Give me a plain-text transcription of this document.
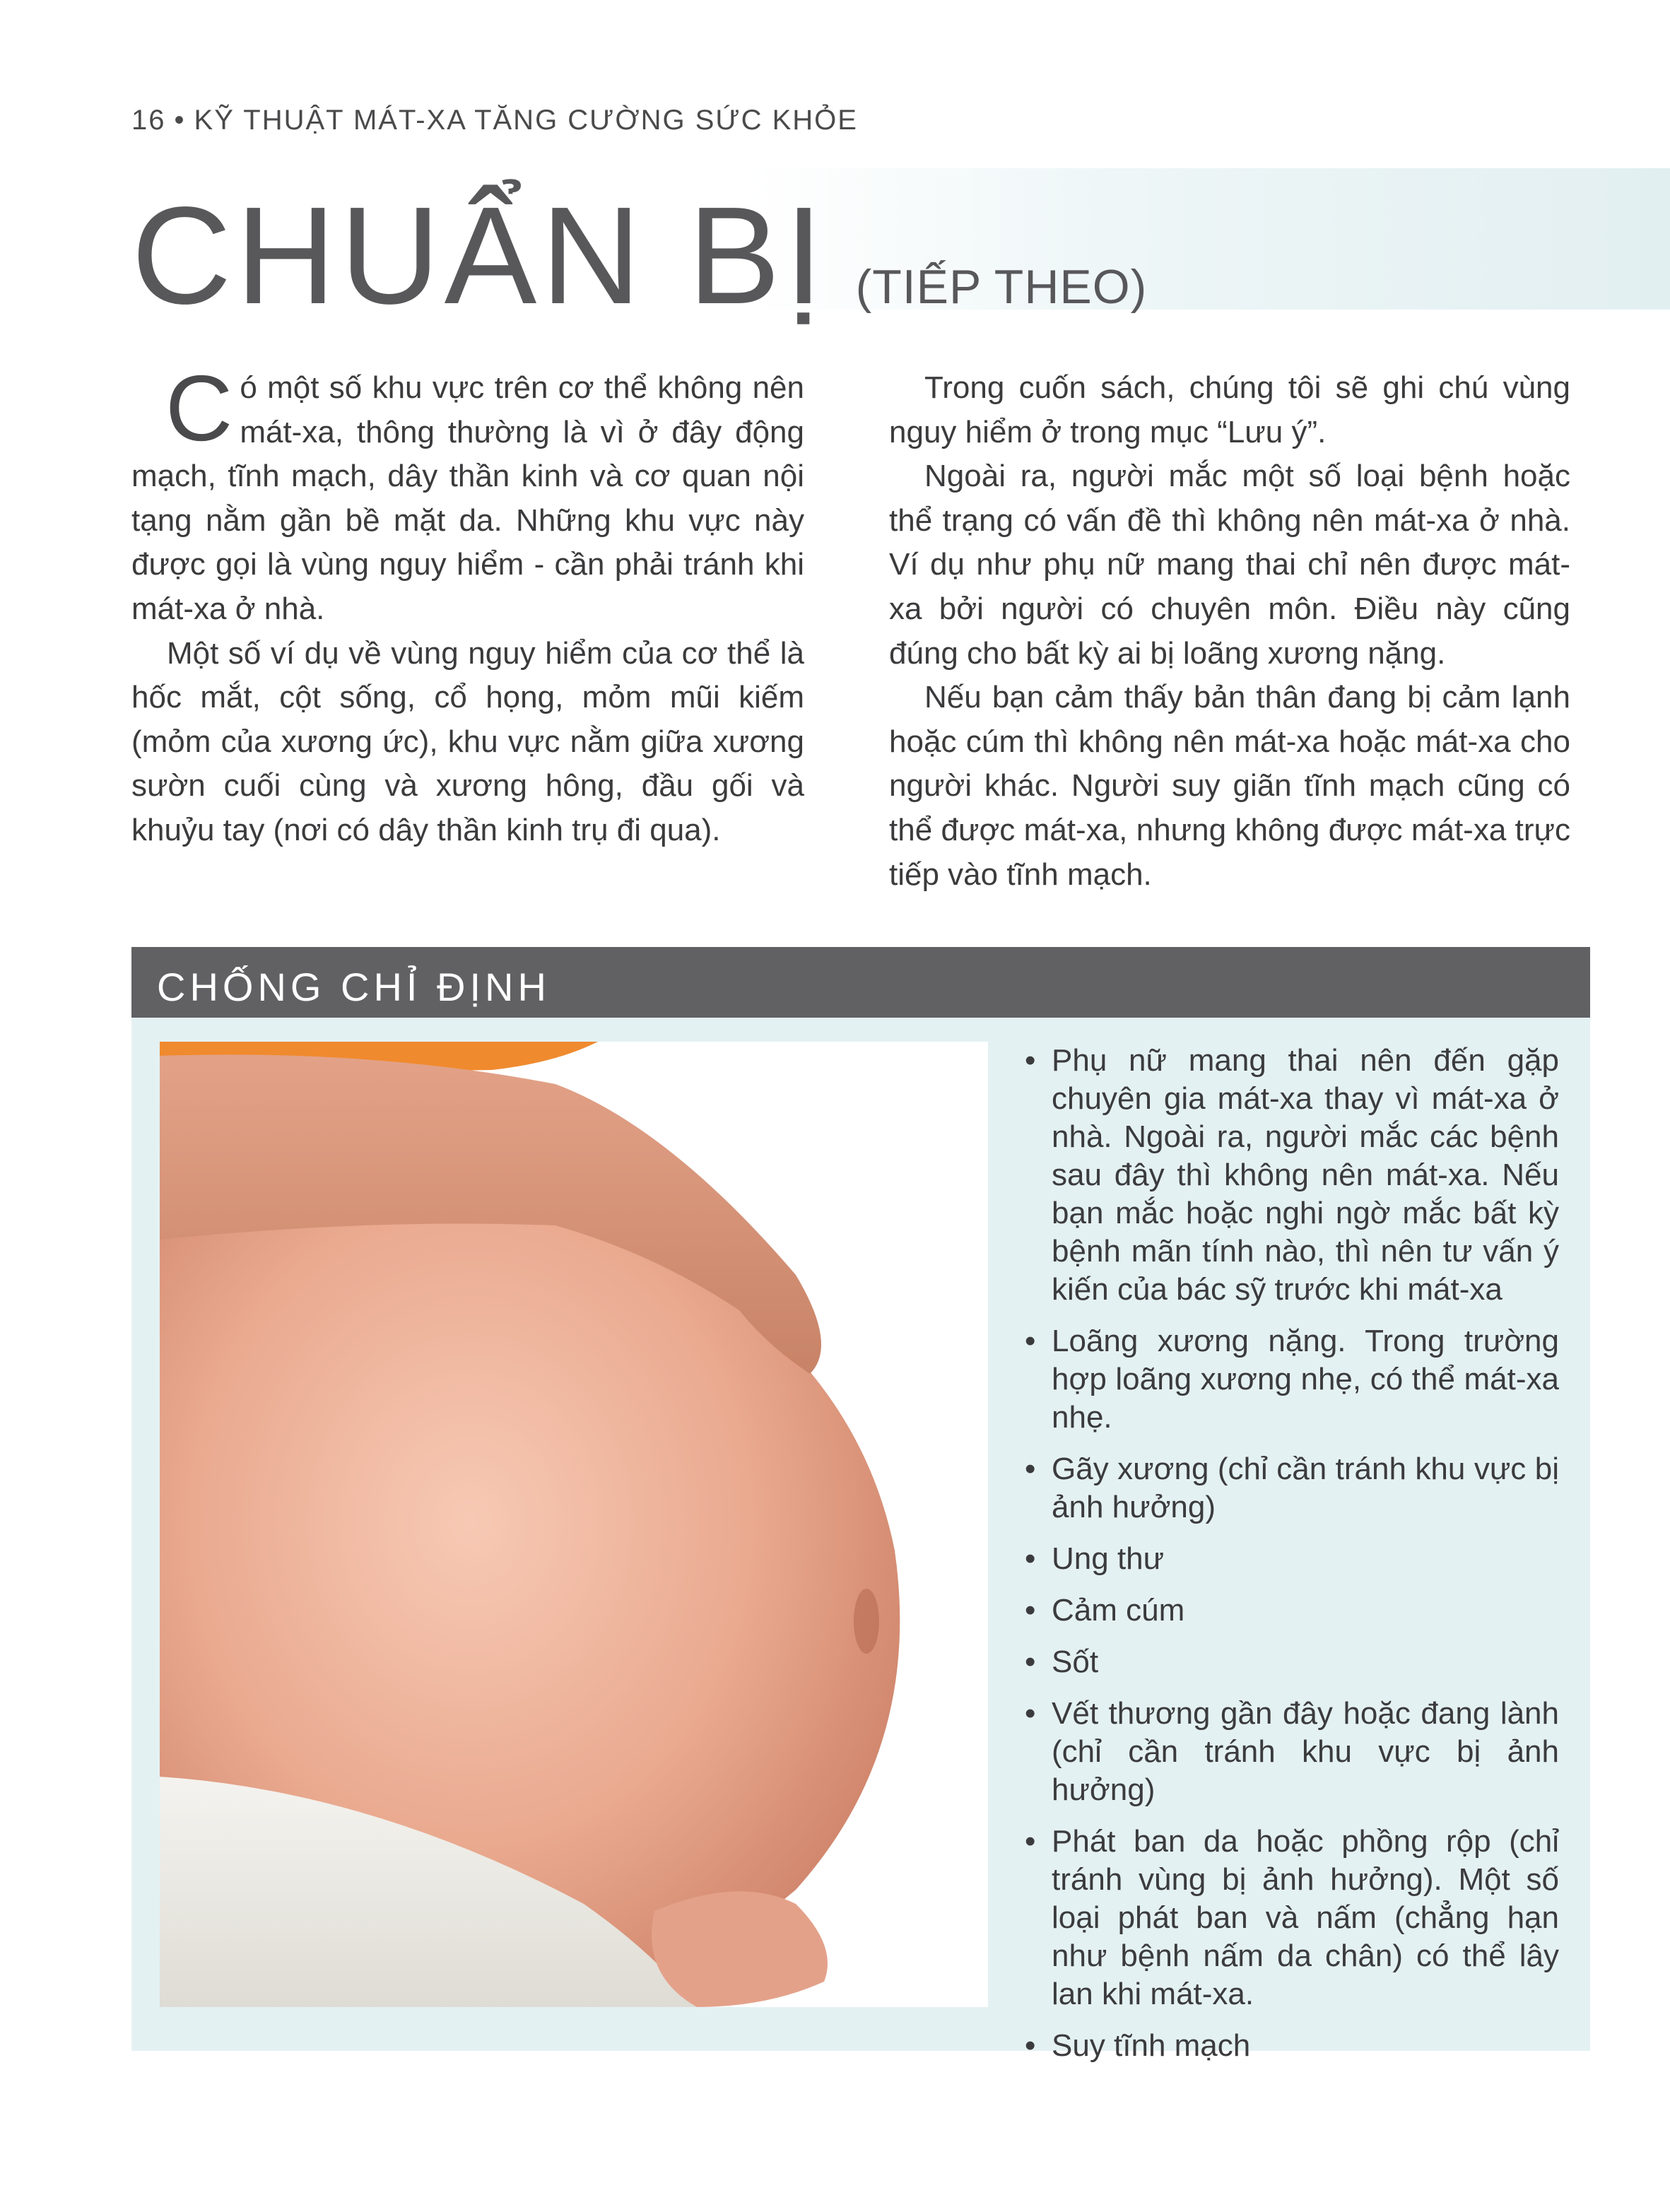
16 • KỸ THUẬT MÁT-XA TĂNG CƯỜNG SỨC KHỎE
CHUẨN BỊ (TIẾP THEO)

Có một số khu vực trên cơ thể không nên mát-xa, thông thường là vì ở đây động mạch, tĩnh mạch, dây thần kinh và cơ quan nội tạng nằm gần bề mặt da. Những khu vực này được gọi là vùng nguy hiểm - cần phải tránh khi mát-xa ở nhà.

Một số ví dụ về vùng nguy hiểm của cơ thể là hốc mắt, cột sống, cổ họng, mỏm mũi kiếm (mỏm của xương ức), khu vực nằm giữa xương sườn cuối cùng và xương hông, đầu gối và khuỷu tay (nơi có dây thần kinh trụ đi qua).

Trong cuốn sách, chúng tôi sẽ ghi chú vùng nguy hiểm ở trong mục “Lưu ý”.

Ngoài ra, người mắc một số loại bệnh hoặc thể trạng có vấn đề thì không nên mát-xa ở nhà. Ví dụ như phụ nữ mang thai chỉ nên được mát-xa bởi người có chuyên môn. Điều này cũng đúng cho bất kỳ ai bị loãng xương nặng.

Nếu bạn cảm thấy bản thân đang bị cảm lạnh hoặc cúm thì không nên mát-xa hoặc mát-xa cho người khác. Người suy giãn tĩnh mạch cũng có thể được mát-xa, nhưng không được mát-xa trực tiếp vào tĩnh mạch.

CHỐNG CHỈ ĐỊNH
• Phụ nữ mang thai nên đến gặp chuyên gia mát-xa thay vì mát-xa ở nhà. Ngoài ra, người mắc các bệnh sau đây thì không nên mát-xa. Nếu bạn mắc hoặc nghi ngờ mắc bất kỳ bệnh mãn tính nào, thì nên tư vấn ý kiến của bác sỹ trước khi mát-xa
• Loãng xương nặng. Trong trường hợp loãng xương nhẹ, có thể mát-xa nhẹ.
• Gãy xương (chỉ cần tránh khu vực bị ảnh hưởng)
• Ung thư
• Cảm cúm
• Sốt
• Vết thương gần đây hoặc đang lành (chỉ cần tránh khu vực bị ảnh hưởng)
• Phát ban da hoặc phồng rộp (chỉ tránh vùng bị ảnh hưởng). Một số loại phát ban và nấm (chẳng hạn như bệnh nấm da chân) có thể lây lan khi mát-xa.
• Suy tĩnh mạch
